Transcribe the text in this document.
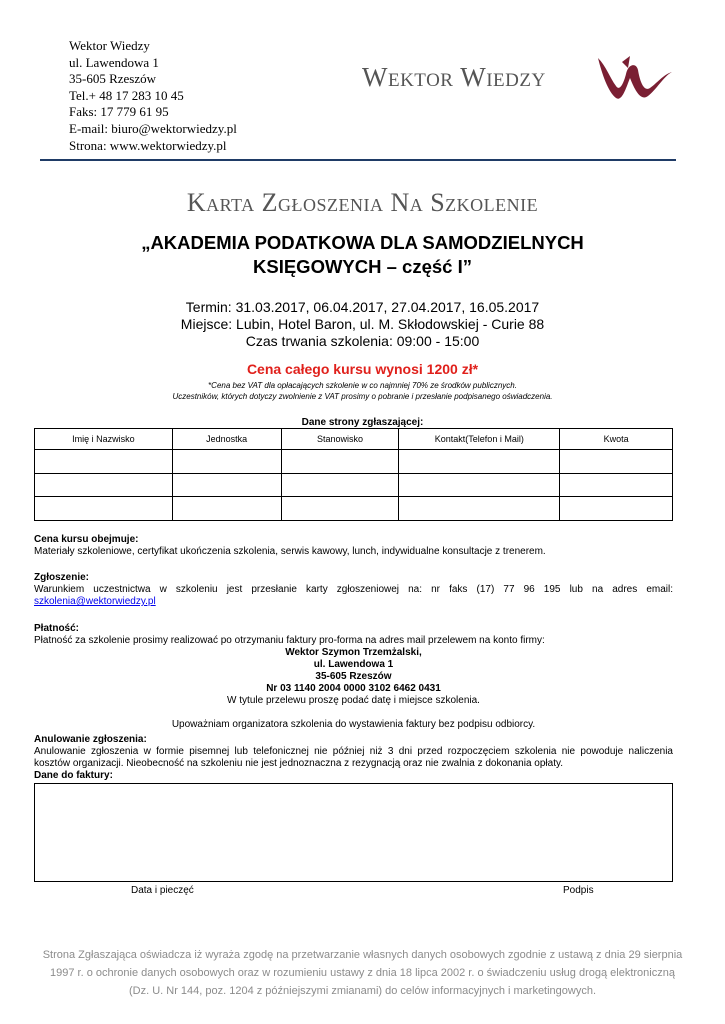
Wektor Wiedzy
ul. Lawendowa 1
35-605 Rzeszów
Tel.+ 48 17 283 10 45
Faks: 17 779 61 95
E-mail: biuro@wektorwiedzy.pl
Strona: www.wektorwiedzy.pl
Wektor Wiedzy
Karta Zgłoszenia Na Szkolenie
„AKADEMIA PODATKOWA DLA SAMODZIELNYCH
KSIĘGOWYCH – część I”
Termin: 31.03.2017, 06.04.2017, 27.04.2017, 16.05.2017
Miejsce: Lubin, Hotel Baron, ul. M. Skłodowskiej - Curie 88
Czas trwania szkolenia: 09:00 - 15:00
Cena całego kursu wynosi 1200 zł*
*Cena bez VAT dla opłacających szkolenie w co najmniej 70% ze środków publicznych.
Uczestników, których dotyczy zwolnienie z VAT prosimy o pobranie i przesłanie podpisanego oświadczenia.
Dane strony zgłaszającej:
Imię i Nazwisko	Jednostka	Stanowisko	Kontakt(Telefon i Mail)	Kwota

Cena kursu obejmuje:
Materiały szkoleniowe, certyfikat ukończenia szkolenia, serwis kawowy, lunch, indywidualne konsultacje z trenerem.
Zgłoszenie:
Warunkiem uczestnictwa w szkoleniu jest przesłanie karty zgłoszeniowej na: nr faks (17) 77 96 195 lub na adres email:
szkolenia@wektorwiedzy.pl
Płatność:
Płatność za szkolenie prosimy realizować po otrzymaniu faktury pro-forma na adres mail przelewem na konto firmy:
Wektor Szymon Trzemżalski,
ul. Lawendowa 1
35-605 Rzeszów
Nr 03 1140 2004 0000 3102 6462 0431
W tytule przelewu proszę podać datę i miejsce szkolenia.
Upoważniam organizatora szkolenia do wystawienia faktury bez podpisu odbiorcy.
Anulowanie zgłoszenia:
Anulowanie zgłoszenia w formie pisemnej lub telefonicznej nie później niż 3 dni przed rozpoczęciem szkolenia nie powoduje naliczenia
kosztów organizacji. Nieobecność na szkoleniu nie jest jednoznaczna z rezygnacją oraz nie zwalnia z dokonania opłaty.
Dane do faktury:
Data i pieczęć	Podpis
Strona Zgłaszająca oświadcza iż wyraża zgodę na przetwarzanie własnych danych osobowych zgodnie z ustawą z dnia 29 sierpnia
1997 r. o ochronie danych osobowych oraz w rozumieniu ustawy z dnia 18 lipca 2002 r. o świadczeniu usług drogą elektroniczną
(Dz. U. Nr 144, poz. 1204 z późniejszymi zmianami) do celów informacyjnych i marketingowych.
